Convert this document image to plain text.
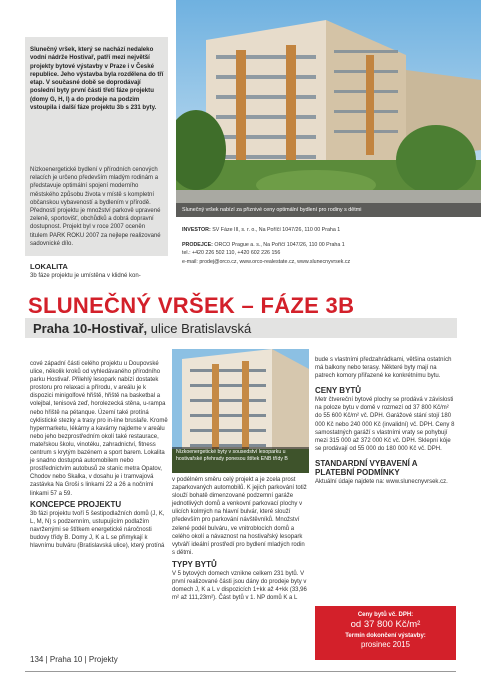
Slunečný vršek, který se nachází nedaleko vodní nádrže Hostivař, patří mezi největší projekty bytové výstavby v Praze i v České republice. Jeho výstavba byla rozdělena do tří etap. V současné době se doprodávají poslední byty první části třetí fáze projektu (domy G, H, I) a do prodeje na podzim vstoupila i další fáze projektu 3b s 231 byty.

Nízkoenergetické bydlení v přírodních cenových relacích je určeno především mladým rodinám a představuje optimální spojení moderního městského způsobu života v místě s kompletní občanskou vybaveností a bydlením v přírodě. Předností projektu je množství parkově upravené zeleně, sportovišť, obchůdků a dobrá dopravní dostupnost. Projekt byl v roce 2007 oceněn titulem PARK ROKU 2007 za nejlepe realizované sadovnické dílo.

LOKALITA

3b fáze projektu je umístěna v klidné kon-

Slunečný vršek nabízí za přiznivé ceny optimální bydlení pro rodiny s dětmi
INVESTOR: SV Fáze III, s. r. o., Na Poříčí 1047/26, 110 00 Praha 1
PRODEJCE: ORCO Prague a. s., Na Poříčí 1047/26, 110 00 Praha 1
tel.: +420 226 502 110, +420 602 226 156
e-mail: prodej@orco.cz, www.orco-realestate.cz, www.slunecnyvrsek.cz
SLUNEČNÝ VRŠEK – FÁZE 3B
Praha 10-Hostivař, ulice Bratislavská

cové západní části celého projektu u Doupovské ulice, několik kroků od vyhledávaného přírodního parku Hostivař. Přilehlý lesopark nabízí dostatek prostoru pro relaxaci a přírodu, v areálu je k dispozici minigolfové hřiště, hřiště na basketbal a volejbal, tenisová zeď, horolezecká stěna, u-rampa nebo hřiště na pétanque. Území také protíná cyklistické stezky a trasy pro in-line bruslaře. Kromě hypermarketu, lékárny a kavárny najdeme v areálu nebo jeho bezprostředním okolí také restaurace, mateřskou školu, vinotéku, zahradnictví, fitness centrum s krytým bazénem a sport barem. Lokalita je snadno dostupná automobilem nebo prostřednictvím autobusů ze stanic metra Opatov, Chodov nebo Skalka, v dosahu je i tramvajová zastávka Na Groši s linkami 22 a 26 a nočními linkami 57 a 59.

KONCEPCE PROJEKTU

3b fázi projektu tvoří 5 šestipodlažních domů (J, K, L, M, N) s podzemním, ustupujícím podlažím navrženými se štítkem energetické náročnosti budovy třídy B. Domy J, K a L se přimykají k hlavnímu bulváru (Bratislavská ulice), který protíná

Nízkoenergetické byty v sousedství lesoparku u hostivařské přehrady ponesou štítek ENB třídy B

v podélném směru celý projekt a je zcela prost zaparkovaných automobilů. K jejich parkování totiž slouží bohatě dimenzované podzemní garáže jednotlivých domů a venkovní parkovací plochy v ulicích kolmých na hlavní bulvár, které slouží především pro parkování návštěvníků. Množství zelené podél bulváru, ve vnitroblocích domů a celého okolí a návaznost na hostivařský lesopark vytváří ideální prostředí pro bydlení mladých rodin s dětmi.

TYPY BYTŮ

V 5 bytových domech vznikne celkem 231 bytů. V první realizované části jsou dány do prodeje byty v domech J, K a L v dispozicích 1+kk až 4+kk (33,96 m² až 111,23m²). Část bytů v 1. NP domů K a L

bude s vlastními předzahrádkami, většina ostatních má balkony nebo terasy. Některé byty mají na patrech komory přiřazené ke konkrétnímu bytu.

CENY BYTŮ

Metr čtvereční bytové plochy se prodává v závislosti na poloze bytu v domě v rozmezí od 37 800 Kč/m² do 55 600 Kč/m² vč. DPH. Garážové stání stojí 180 000 Kč nebo 240 000 Kč (invalidní) vč. DPH. Ceny 8 samostatných garáží s vlastními vraty se pohybují mezi 315 000 až 372 000 Kč vč. DPH. Sklepní kóje se prodávají od 55 000 do 180 000 Kč vč. DPH.

STANDARDNÍ VYBAVENÍ A PLATEBNÍ PODMÍNKY

Aktuální údaje najdete na: www.slunecnyvrsek.cz.

Ceny bytů vč. DPH:
od 37 800 Kč/m²
Termín dokončení výstavby:
prosinec 2015
134 | Praha 10 | Projekty
